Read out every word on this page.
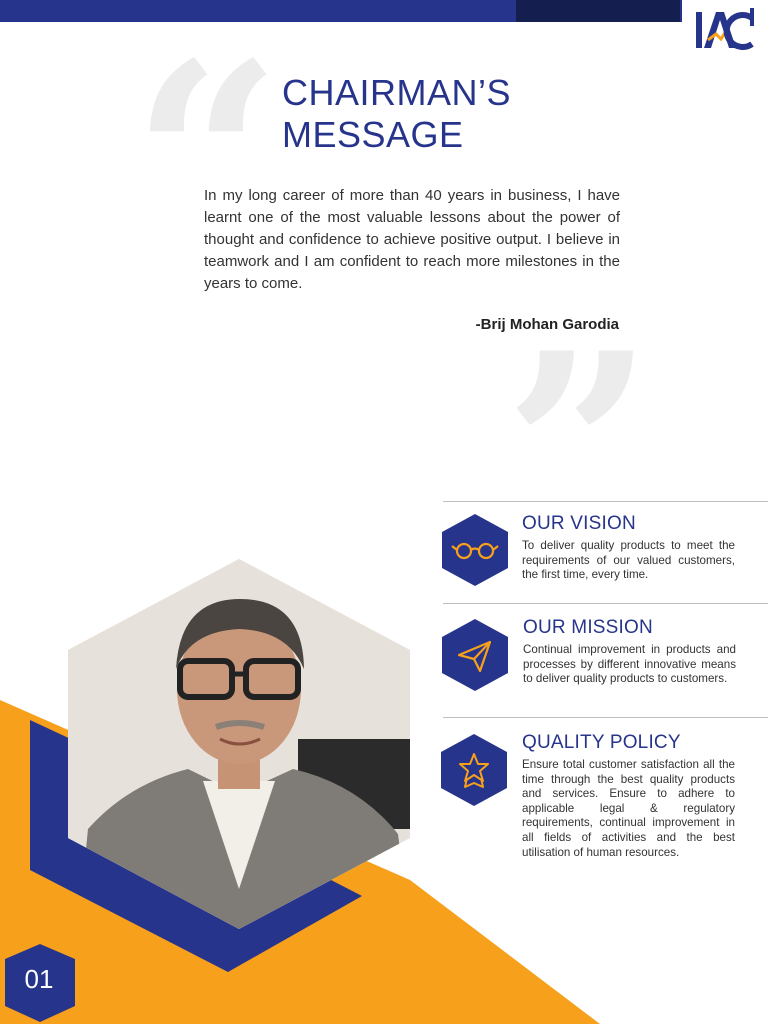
CHAIRMAN’S
MESSAGE

In my long career of more than 40 years in business, I have learnt one of the most valuable lessons about the power of thought and confidence to achieve positive output. I believe in teamwork and I am confident to reach more milestones in the years to come.

-Brij Mohan Garodia
01
OUR VISION

To deliver quality products to meet the requirements of our valued customers, the first time, every time.

OUR MISSION

Continual improvement in products and processes by different innovative means to deliver quality products to customers.

QUALITY POLICY

Ensure total customer satisfaction all the time through the best quality products and services. Ensure to adhere to applicable legal & regulatory requirements, continual improvement in all fields of activities and the best utilisation of human resources.
